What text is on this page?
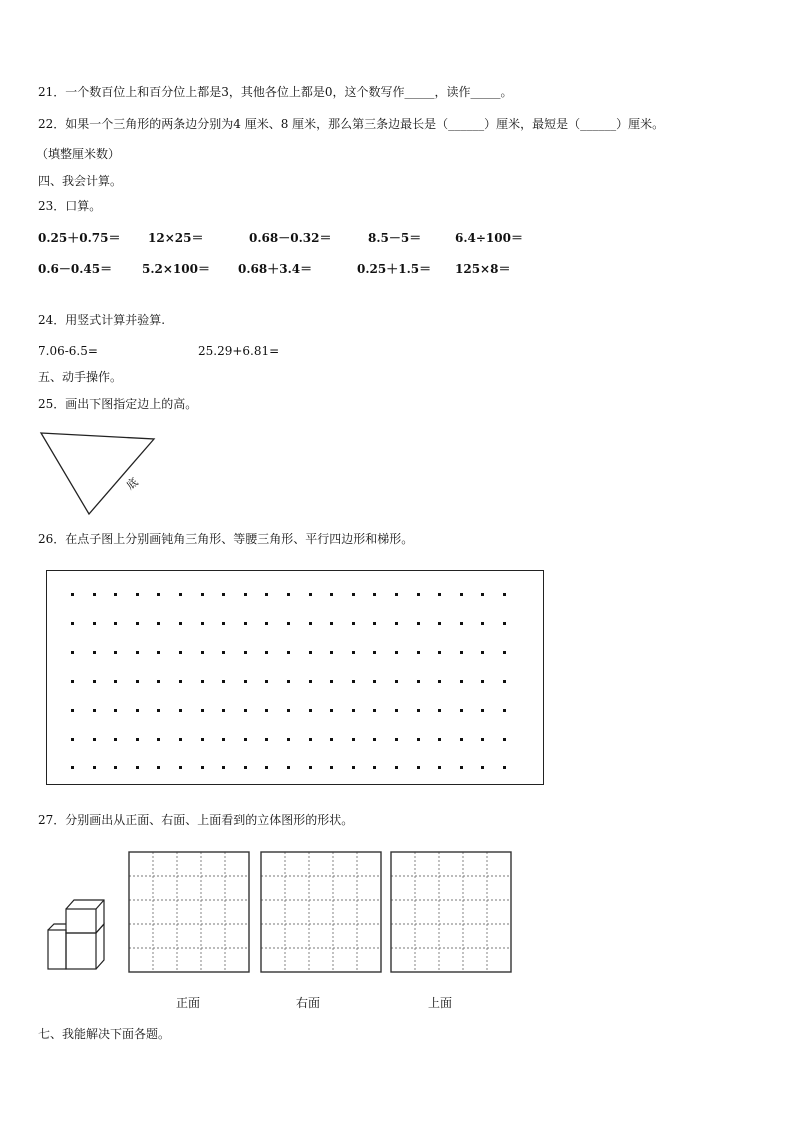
21．一个数百位上和百分位上都是3，其他各位上都是0，这个数写作_____，读作_____。
22．如果一个三角形的两条边分别为4 厘米、8 厘米，那么第三条边最长是（______）厘米，最短是（______）厘米。
（填整厘米数）
四、我会计算。
23．口算。
0.25＋0.75＝ 12×25＝	0.68－0.32＝	8.5－5＝	6.4÷100＝
0.6－0.45＝ 5.2×100＝ 0.68＋3.4＝	0.25＋1.5＝ 125×8＝
24．用竖式计算并验算.
7.06-6.5=	25.29+6.81=
五、动手操作。
25．画出下图指定边上的高。
底
26．在点子图上分别画钝角三角形、等腰三角形、平行四边形和梯形。
27．分别画出从正面、右面、上面看到的立体图形的形状。
正面	右面	上面
七、我能解决下面各题。
